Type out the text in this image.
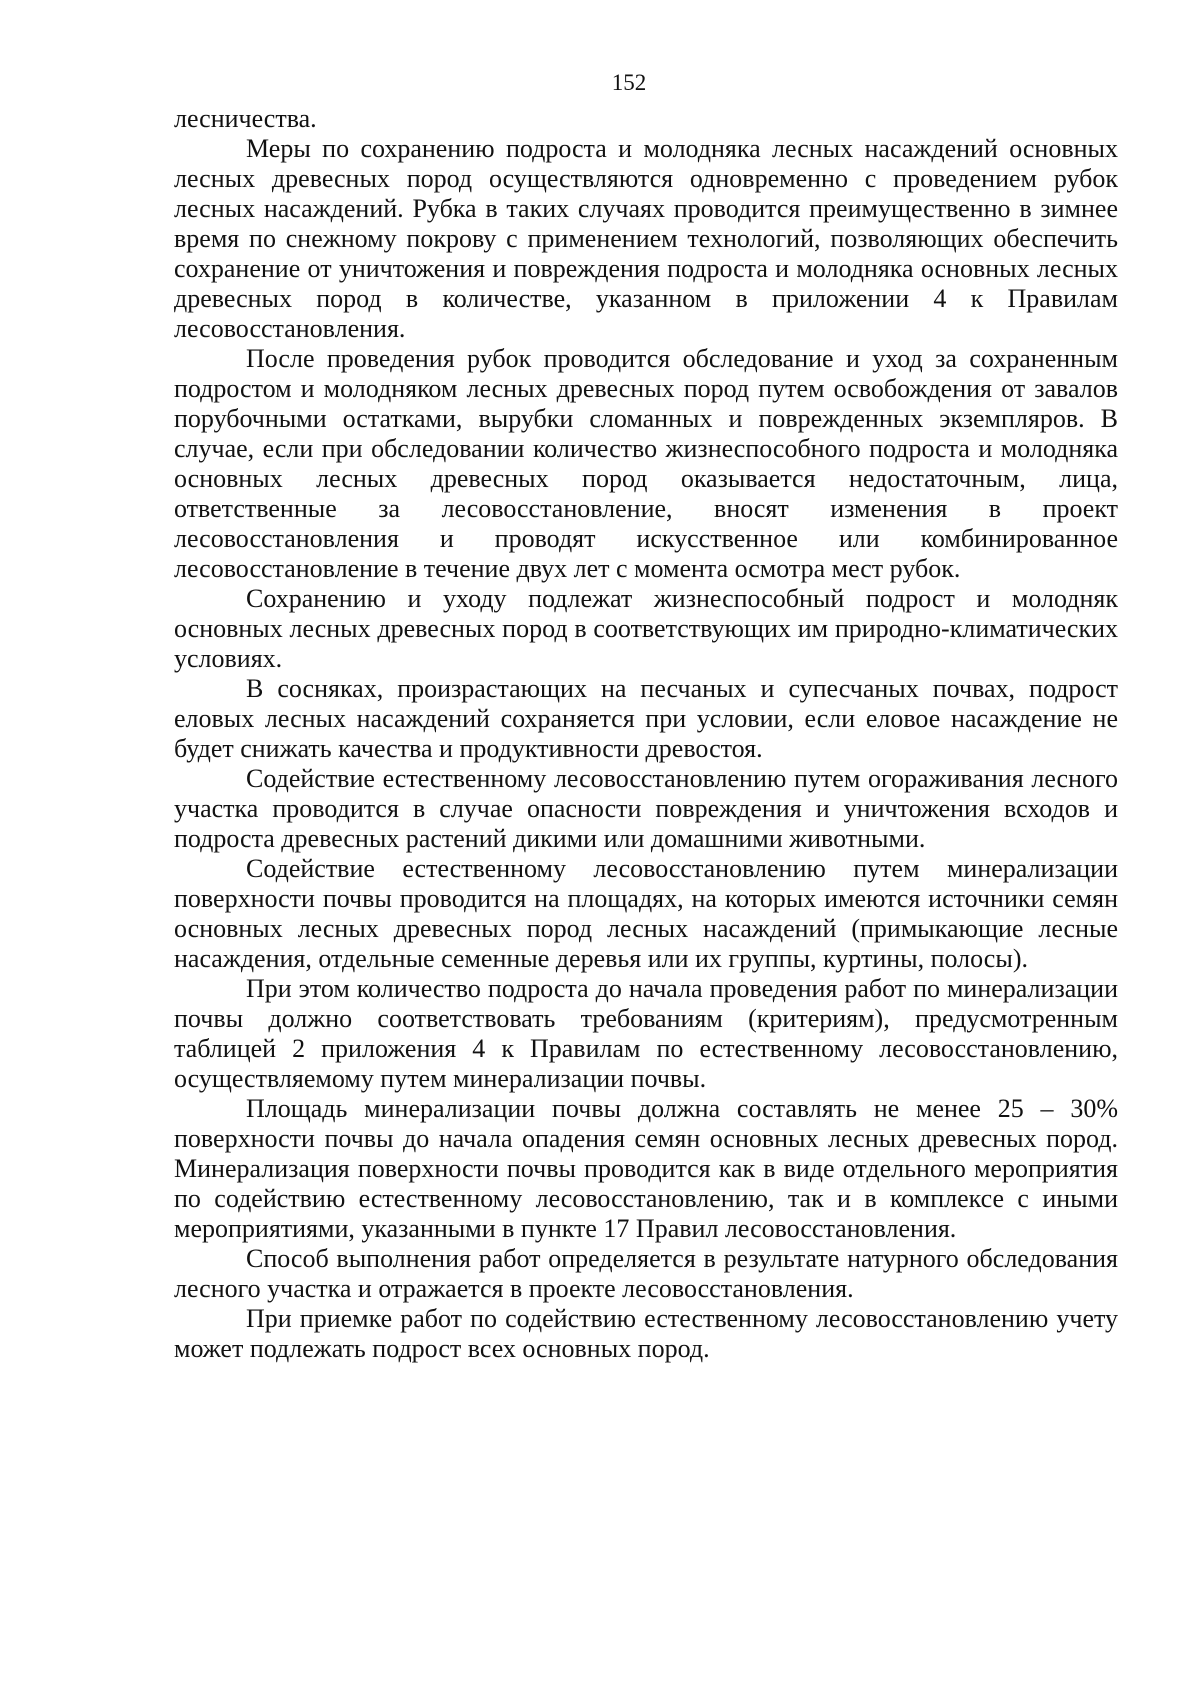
152

лесничества.

Меры по сохранению подроста и молодняка лесных насаждений основных лесных древесных пород осуществляются одновременно с проведением рубок лесных насаждений. Рубка в таких случаях проводится преимущественно в зимнее время по снежному покрову с применением технологий, позволяющих обеспечить сохранение от уничтожения и повреждения подроста и молодняка основных лесных древесных пород в количестве, указанном в приложении 4 к Правилам лесовосстановления.

После проведения рубок проводится обследование и уход за сохраненным подростом и молодняком лесных древесных пород путем освобождения от завалов порубочными остатками, вырубки сломанных и поврежденных экземпляров. В случае, если при обследовании количество жизнеспособного подроста и молодняка основных лесных древесных пород оказывается недостаточным, лица, ответственные за лесовосстановление, вносят изменения в проект лесовосстановления и проводят искусственное или комбинированное лесовосстановление в течение двух лет с момента осмотра мест рубок.

Сохранению и уходу подлежат жизнеспособный подрост и молодняк основных лесных древесных пород в соответствующих им природно-климатических условиях.

В сосняках, произрастающих на песчаных и супесчаных почвах, подрост еловых лесных насаждений сохраняется при условии, если еловое насаждение не будет снижать качества и продуктивности древостоя.

Содействие естественному лесовосстановлению путем огораживания лесного участка проводится в случае опасности повреждения и уничтожения всходов и подроста древесных растений дикими или домашними животными.

Содействие естественному лесовосстановлению путем минерализации поверхности почвы проводится на площадях, на которых имеются источники семян основных лесных древесных пород лесных насаждений (примыкающие лесные насаждения, отдельные семенные деревья или их группы, куртины, полосы).

При этом количество подроста до начала проведения работ по минерализации почвы должно соответствовать требованиям (критериям), предусмотренным таблицей 2 приложения 4 к Правилам по естественному лесовосстановлению, осуществляемому путем минерализации почвы.

Площадь минерализации почвы должна составлять не менее 25 – 30% поверхности почвы до начала опадения семян основных лесных древесных пород. Минерализация поверхности почвы проводится как в виде отдельного мероприятия по содействию естественному лесовосстановлению, так и в комплексе с иными мероприятиями, указанными в пункте 17 Правил лесовосстановления.

Способ выполнения работ определяется в результате натурного обследования лесного участка и отражается в проекте лесовосстановления.

При приемке работ по содействию естественному лесовосстановлению учету может подлежать подрост всех основных пород.
